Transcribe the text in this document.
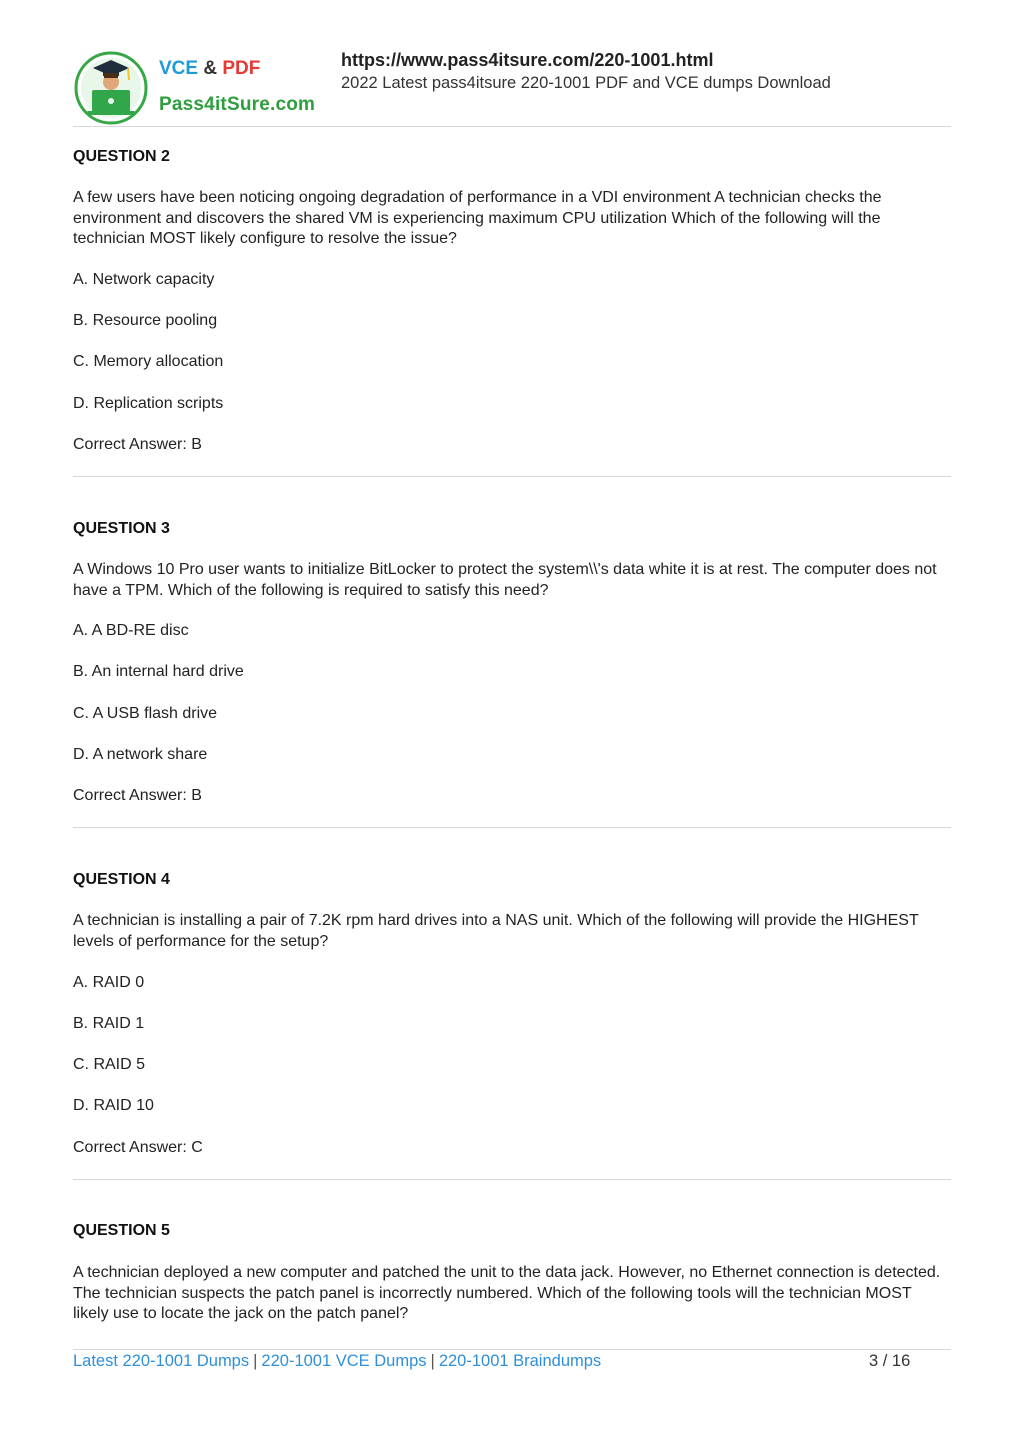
VCE & PDF
Pass4itSure.com
https://www.pass4itsure.com/220-1001.html
2022 Latest pass4itsure 220-1001 PDF and VCE dumps Download
QUESTION 2

A few users have been noticing ongoing degradation of performance in a VDI environment A technician checks the environment and discovers the shared VM is experiencing maximum CPU utilization Which of the following will the technician MOST likely configure to resolve the issue?

A. Network capacity
B. Resource pooling
C. Memory allocation
D. Replication scripts
Correct Answer: B
QUESTION 3

A Windows 10 Pro user wants to initialize BitLocker to protect the system\\'s data white it is at rest. The computer does not have a TPM. Which of the following is required to satisfy this need?

A. A BD-RE disc
B. An internal hard drive
C. A USB flash drive
D. A network share
Correct Answer: B
QUESTION 4

A technician is installing a pair of 7.2K rpm hard drives into a NAS unit. Which of the following will provide the HIGHEST levels of performance for the setup?

A. RAID 0
B. RAID 1
C. RAID 5
D. RAID 10
Correct Answer: C
QUESTION 5

A technician deployed a new computer and patched the unit to the data jack. However, no Ethernet connection is detected. The technician suspects the patch panel is incorrectly numbered. Which of the following tools will the technician MOST likely use to locate the jack on the patch panel?

Latest 220-1001 Dumps | 220-1001 VCE Dumps | 220-1001 Braindumps	3 / 16
